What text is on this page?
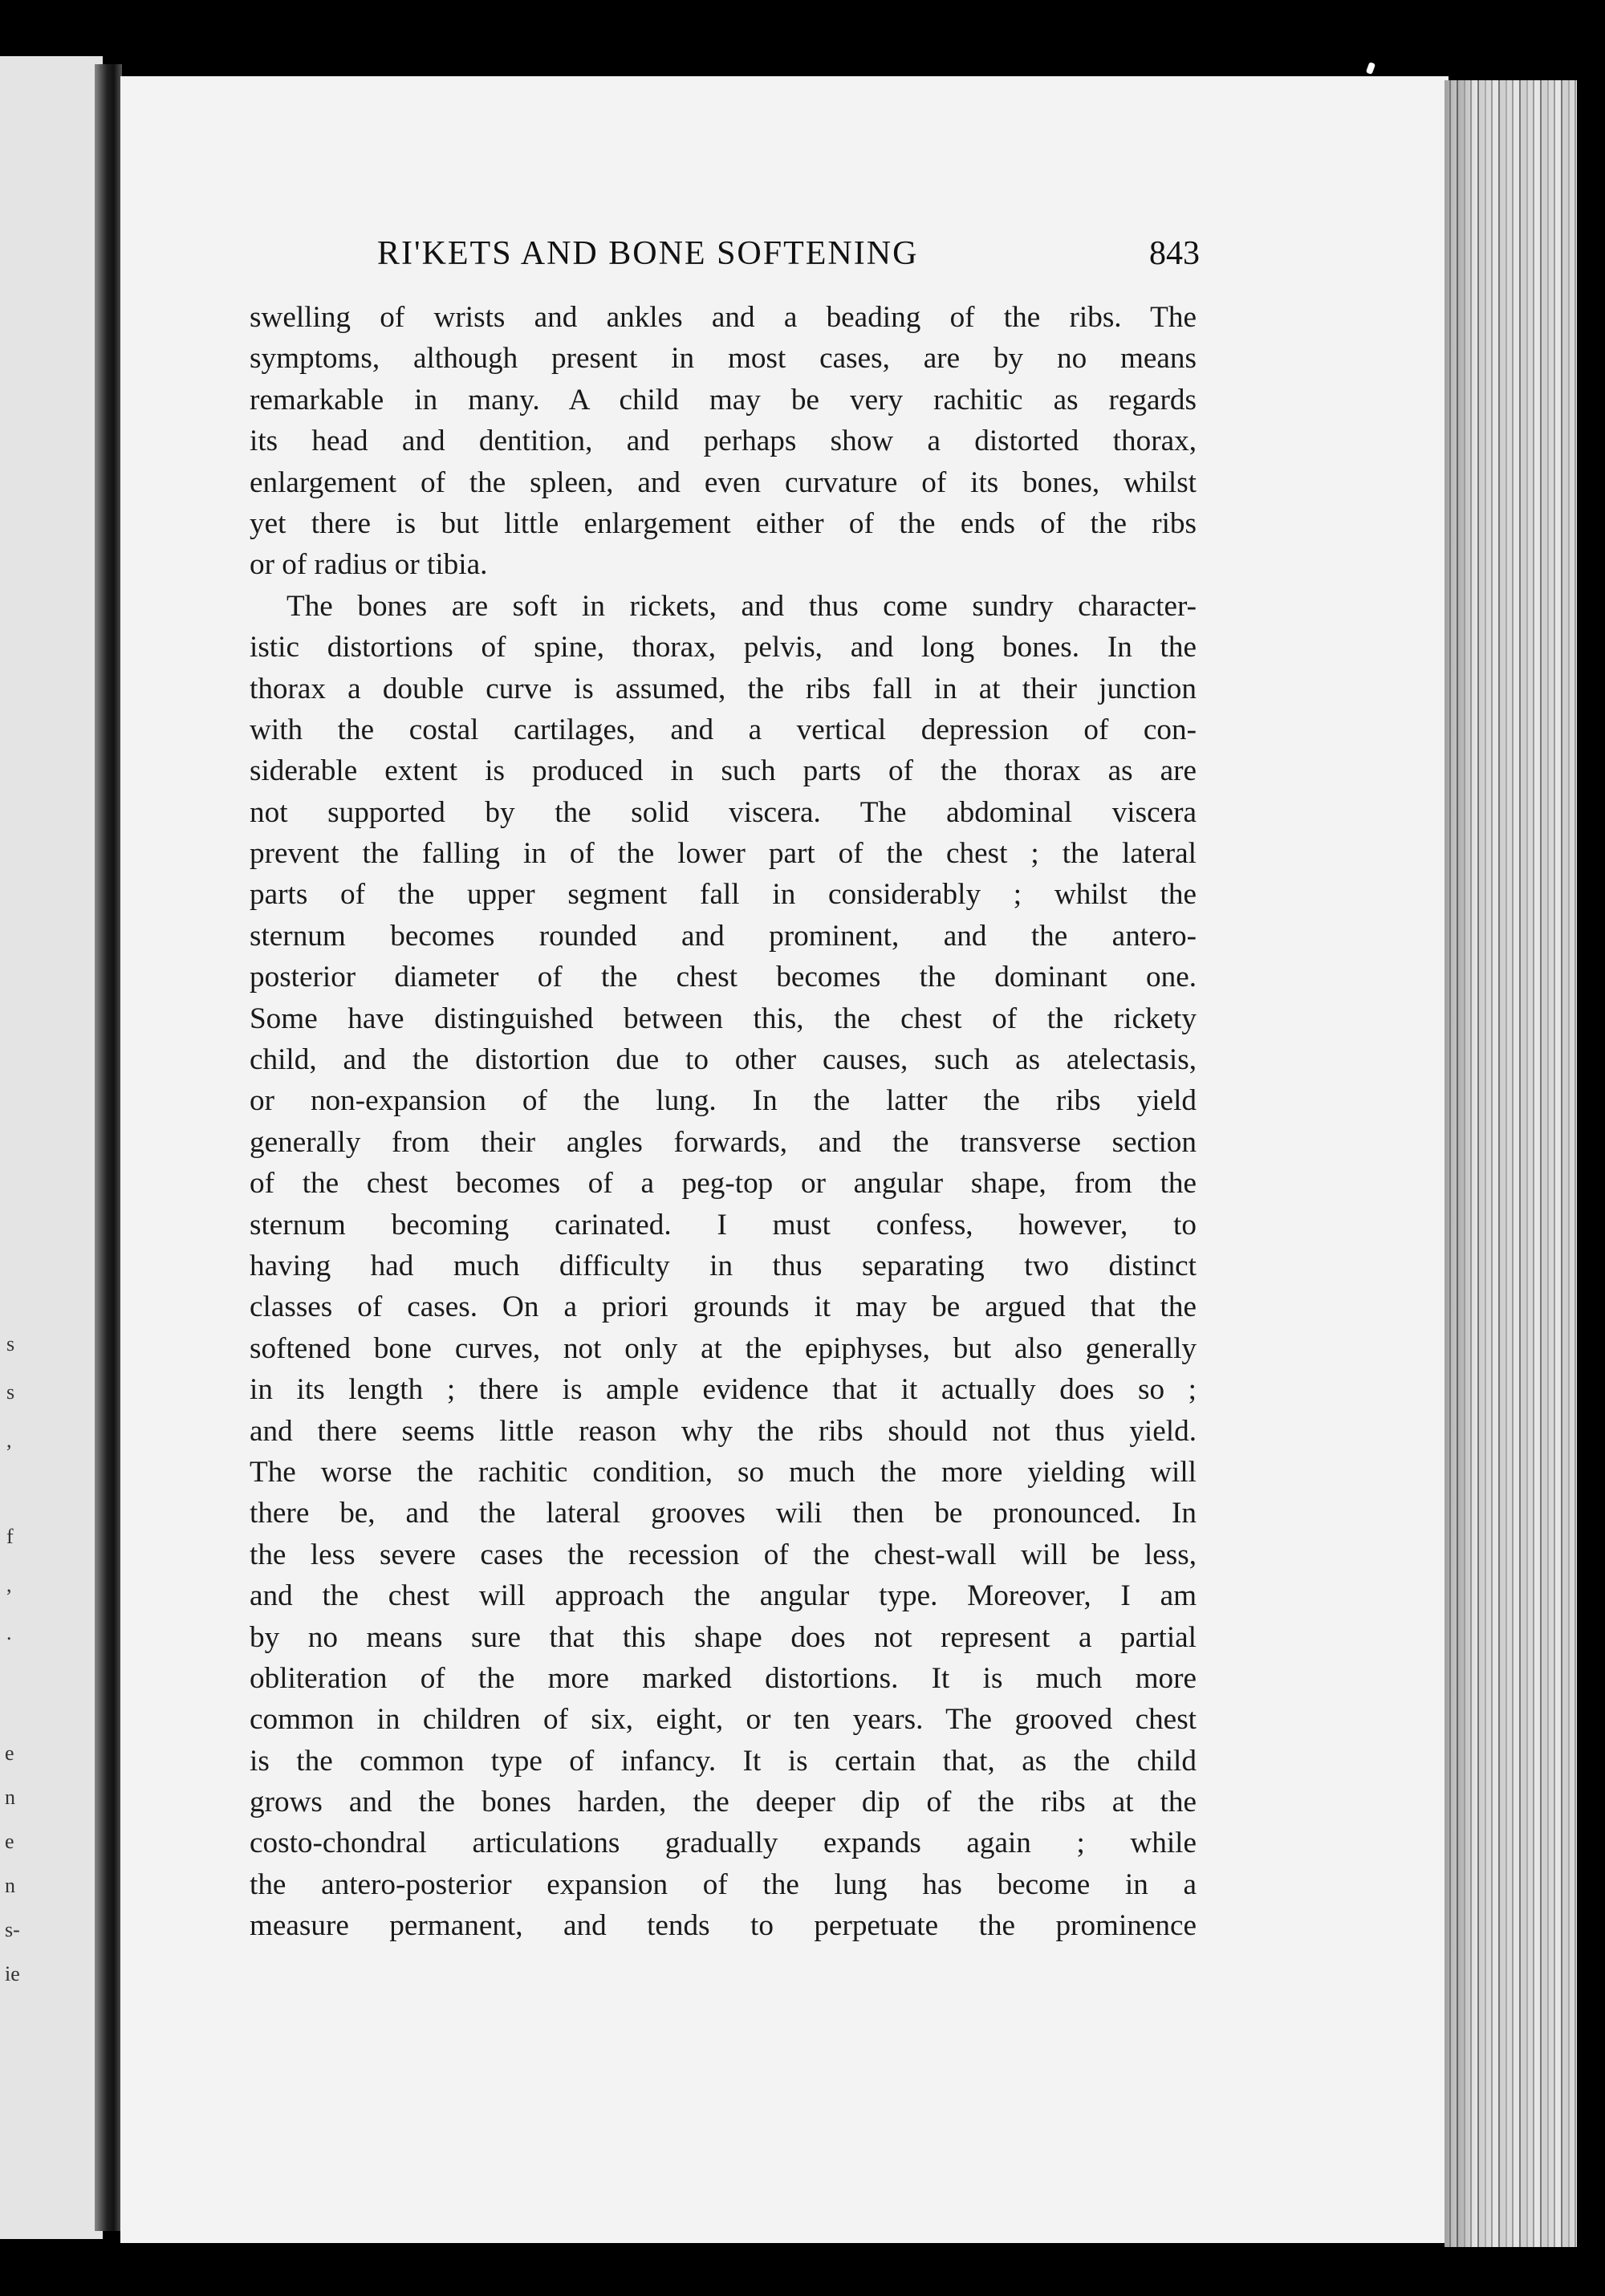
s
s
,
f
,
.
e
n
e
n
s-
ie
RI'KETS AND BONE SOFTENING	843
swelling of wrists and ankles and a beading of the ribs. The
symptoms, although present in most cases, are by no means
remarkable in many. A child may be very rachitic as regards
its head and dentition, and perhaps show a distorted thorax,
enlargement of the spleen, and even curvature of its bones, whilst
yet there is but little enlargement either of the ends of the ribs
or of radius or tibia.
The bones are soft in rickets, and thus come sundry character-
istic distortions of spine, thorax, pelvis, and long bones. In the
thorax a double curve is assumed, the ribs fall in at their junction
with the costal cartilages, and a vertical depression of con-
siderable extent is produced in such parts of the thorax as are
not supported by the solid viscera. The abdominal viscera
prevent the falling in of the lower part of the chest ; the lateral
parts of the upper segment fall in considerably ; whilst the
sternum becomes rounded and prominent, and the antero-
posterior diameter of the chest becomes the dominant one.
Some have distinguished between this, the chest of the rickety
child, and the distortion due to other causes, such as atelectasis,
or non-expansion of the lung. In the latter the ribs yield
generally from their angles forwards, and the transverse section
of the chest becomes of a peg-top or angular shape, from the
sternum becoming carinated. I must confess, however, to
having had much difficulty in thus separating two distinct
classes of cases. On a priori grounds it may be argued that the
softened bone curves, not only at the epiphyses, but also generally
in its length ; there is ample evidence that it actually does so ;
and there seems little reason why the ribs should not thus yield.
The worse the rachitic condition, so much the more yielding will
there be, and the lateral grooves wili then be pronounced. In
the less severe cases the recession of the chest-wall will be less,
and the chest will approach the angular type. Moreover, I am
by no means sure that this shape does not represent a partial
obliteration of the more marked distortions. It is much more
common in children of six, eight, or ten years. The grooved chest
is the common type of infancy. It is certain that, as the child
grows and the bones harden, the deeper dip of the ribs at the
costo-chondral articulations gradually expands again ; while
the antero-posterior expansion of the lung has become in a
measure permanent, and tends to perpetuate the prominence
